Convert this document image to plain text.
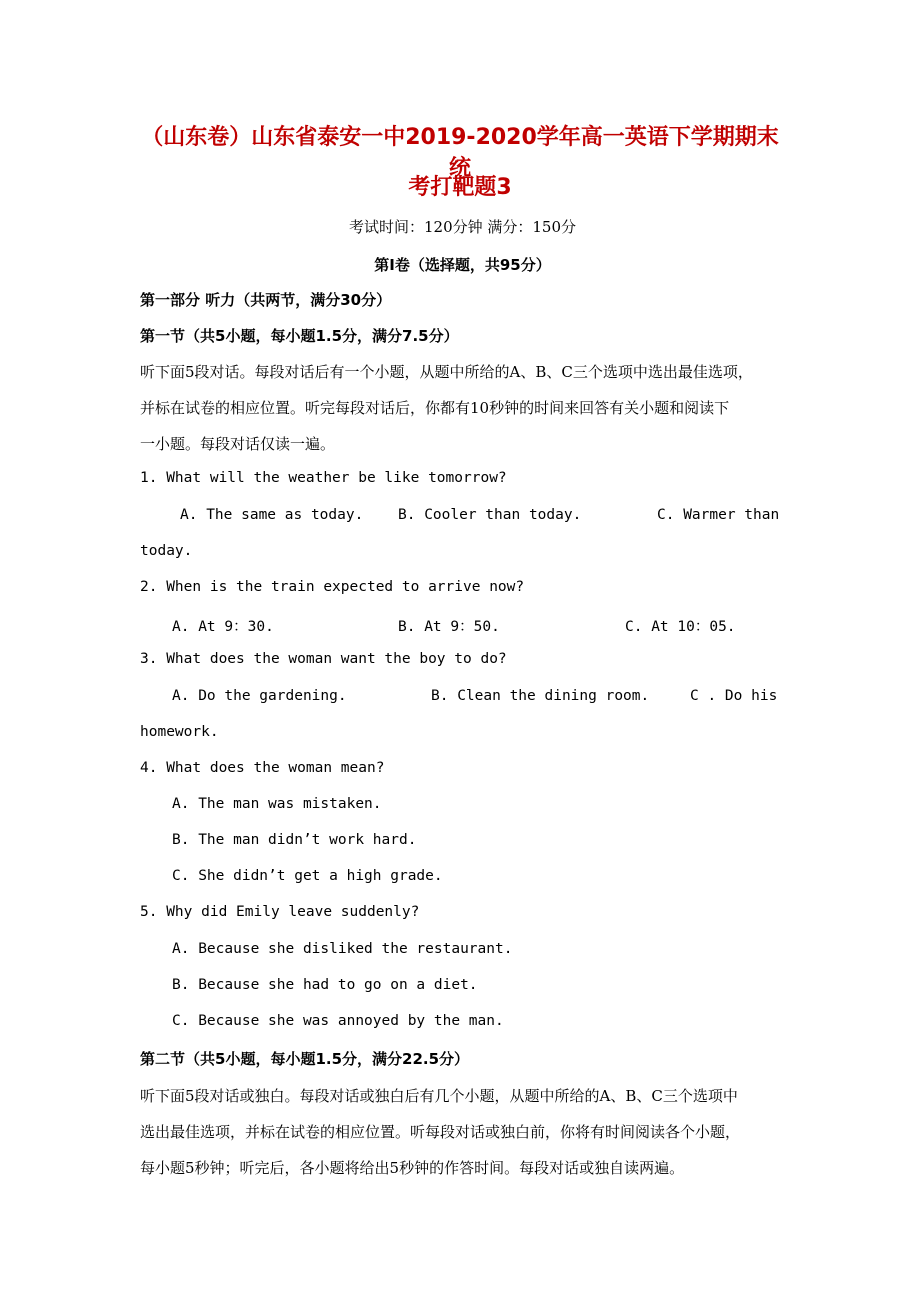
（山东卷）山东省泰安一中2019-2020学年高一英语下学期期末统
考打靶题3
考试时间：120分钟 满分：150分
第Ⅰ卷（选择题，共95分）
第一部分 听力（共两节，满分30分）
第一节（共5小题，每小题1.5分，满分7.5分）
听下面5段对话。每段对话后有一个小题，从题中所给的A、B、C三个选项中选出最佳选项，
并标在试卷的相应位置。听完每段对话后，你都有10秒钟的时间来回答有关小题和阅读下
一小题。每段对话仅读一遍。
1. What will the weather be like tomorrow?
A. The same as today. B. Cooler than today.	C. Warmer than
today.
2. When is the train expected to arrive now?
A. At 9：30.	B. At 9：50.	C. At 10：05.
3. What does the woman want the boy to do?
A. Do the gardening.	B. Clean the dining room.	C . Do his
homework.
4. What does the woman mean?
A. The man was mistaken.
B. The man didn’t work hard.
C. She didn’t get a high grade.
5. Why did Emily leave suddenly?
A. Because she disliked the restaurant.
B. Because she had to go on a diet.
C. Because she was annoyed by the man.
第二节（共5小题，每小题1.5分，满分22.5分）
听下面5段对话或独白。每段对话或独白后有几个小题，从题中所给的A、B、C三个选项中
选出最佳选项，并标在试卷的相应位置。听每段对话或独白前，你将有时间阅读各个小题，
每小题5秒钟；听完后，各小题将给出5秒钟的作答时间。每段对话或独自读两遍。
